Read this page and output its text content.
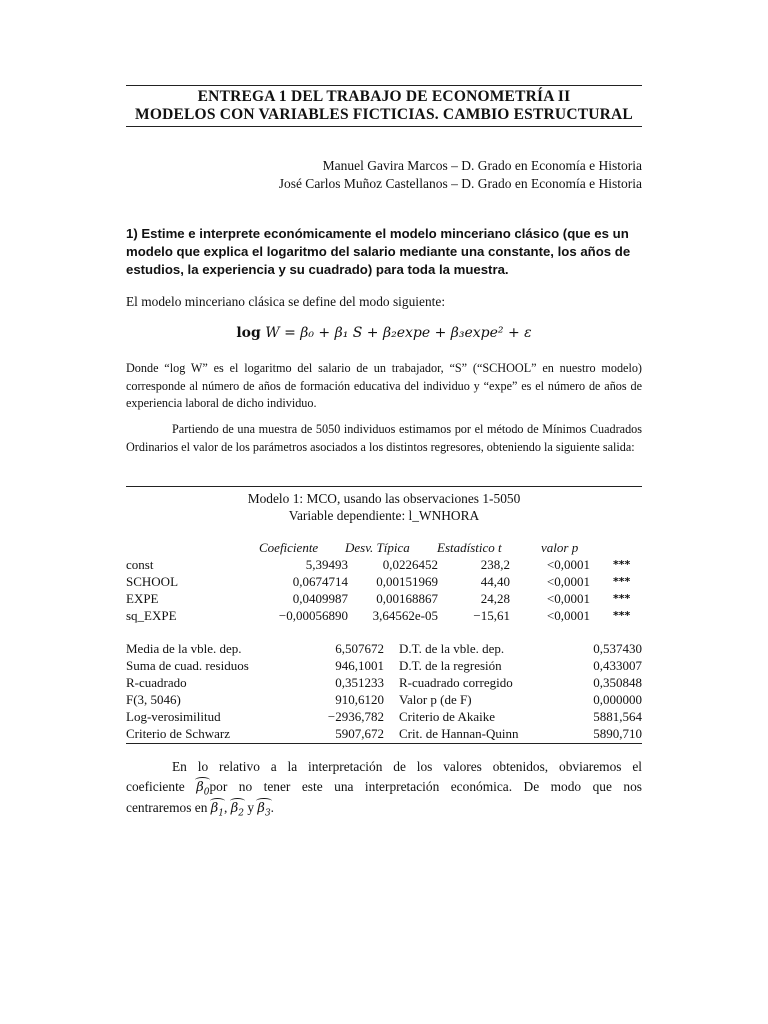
ENTREGA 1 DEL TRABAJO DE ECONOMETRÍA II
MODELOS CON VARIABLES FICTICIAS. CAMBIO ESTRUCTURAL
Manuel Gavira Marcos – D. Grado en Economía e Historia
José Carlos Muñoz Castellanos – D. Grado en Economía e Historia
1) Estime e interprete económicamente el modelo minceriano clásico (que es un modelo que explica el logaritmo del salario mediante una constante, los años de estudios, la experiencia y su cuadrado) para toda la muestra.
El modelo minceriano clásica se define del modo siguiente:
log W = β₀ + β₁ S + β₂expe + β₃expe² + ε
Donde “log W” es el logaritmo del salario de un trabajador, “S” (“SCHOOL” en nuestro modelo) corresponde al número de años de formación educativa del individuo y “expe” es el número de años de experiencia laboral de dicho individuo.
Partiendo de una muestra de 5050 individuos estimamos por el método de Mínimos Cuadrados Ordinarios el valor de los parámetros asociados a los distintos regresores, obteniendo la siguiente salida:
Modelo 1: MCO, usando las observaciones 1-5050
Variable dependiente: l_WNHORA
Coeficiente Desv. Típica Estadístico t	valor p
const	5,39493	0,0226452	238,2	<0,0001 ***
SCHOOL	0,0674714	0,00151969	44,40	<0,0001 ***
EXPE	0,0409987	0,00168867	24,28	<0,0001 ***
sq_EXPE	−0,00056890	3,64562e-05	−15,61	<0,0001 ***
Media de la vble. dep.	6,507672 D.T. de la vble. dep.	0,537430
Suma de cuad. residuos	946,1001 D.T. de la regresión	0,433007
R-cuadrado	0,351233 R-cuadrado corregido	0,350848
F(3, 5046)	910,6120 Valor p (de F)	0,000000
Log-verosimilitud	−2936,782 Criterio de Akaike	5881,564
Criterio de Schwarz	5907,672 Crit. de Hannan-Quinn	5890,710
En lo relativo a la interpretación de los valores obtenidos, obviaremos el
coeficiente $\beta_0por$ no tener este una interpretación económica. De modo que nos
centraremos en $\beta_1$, $\beta_2$ y $\beta_3$.
